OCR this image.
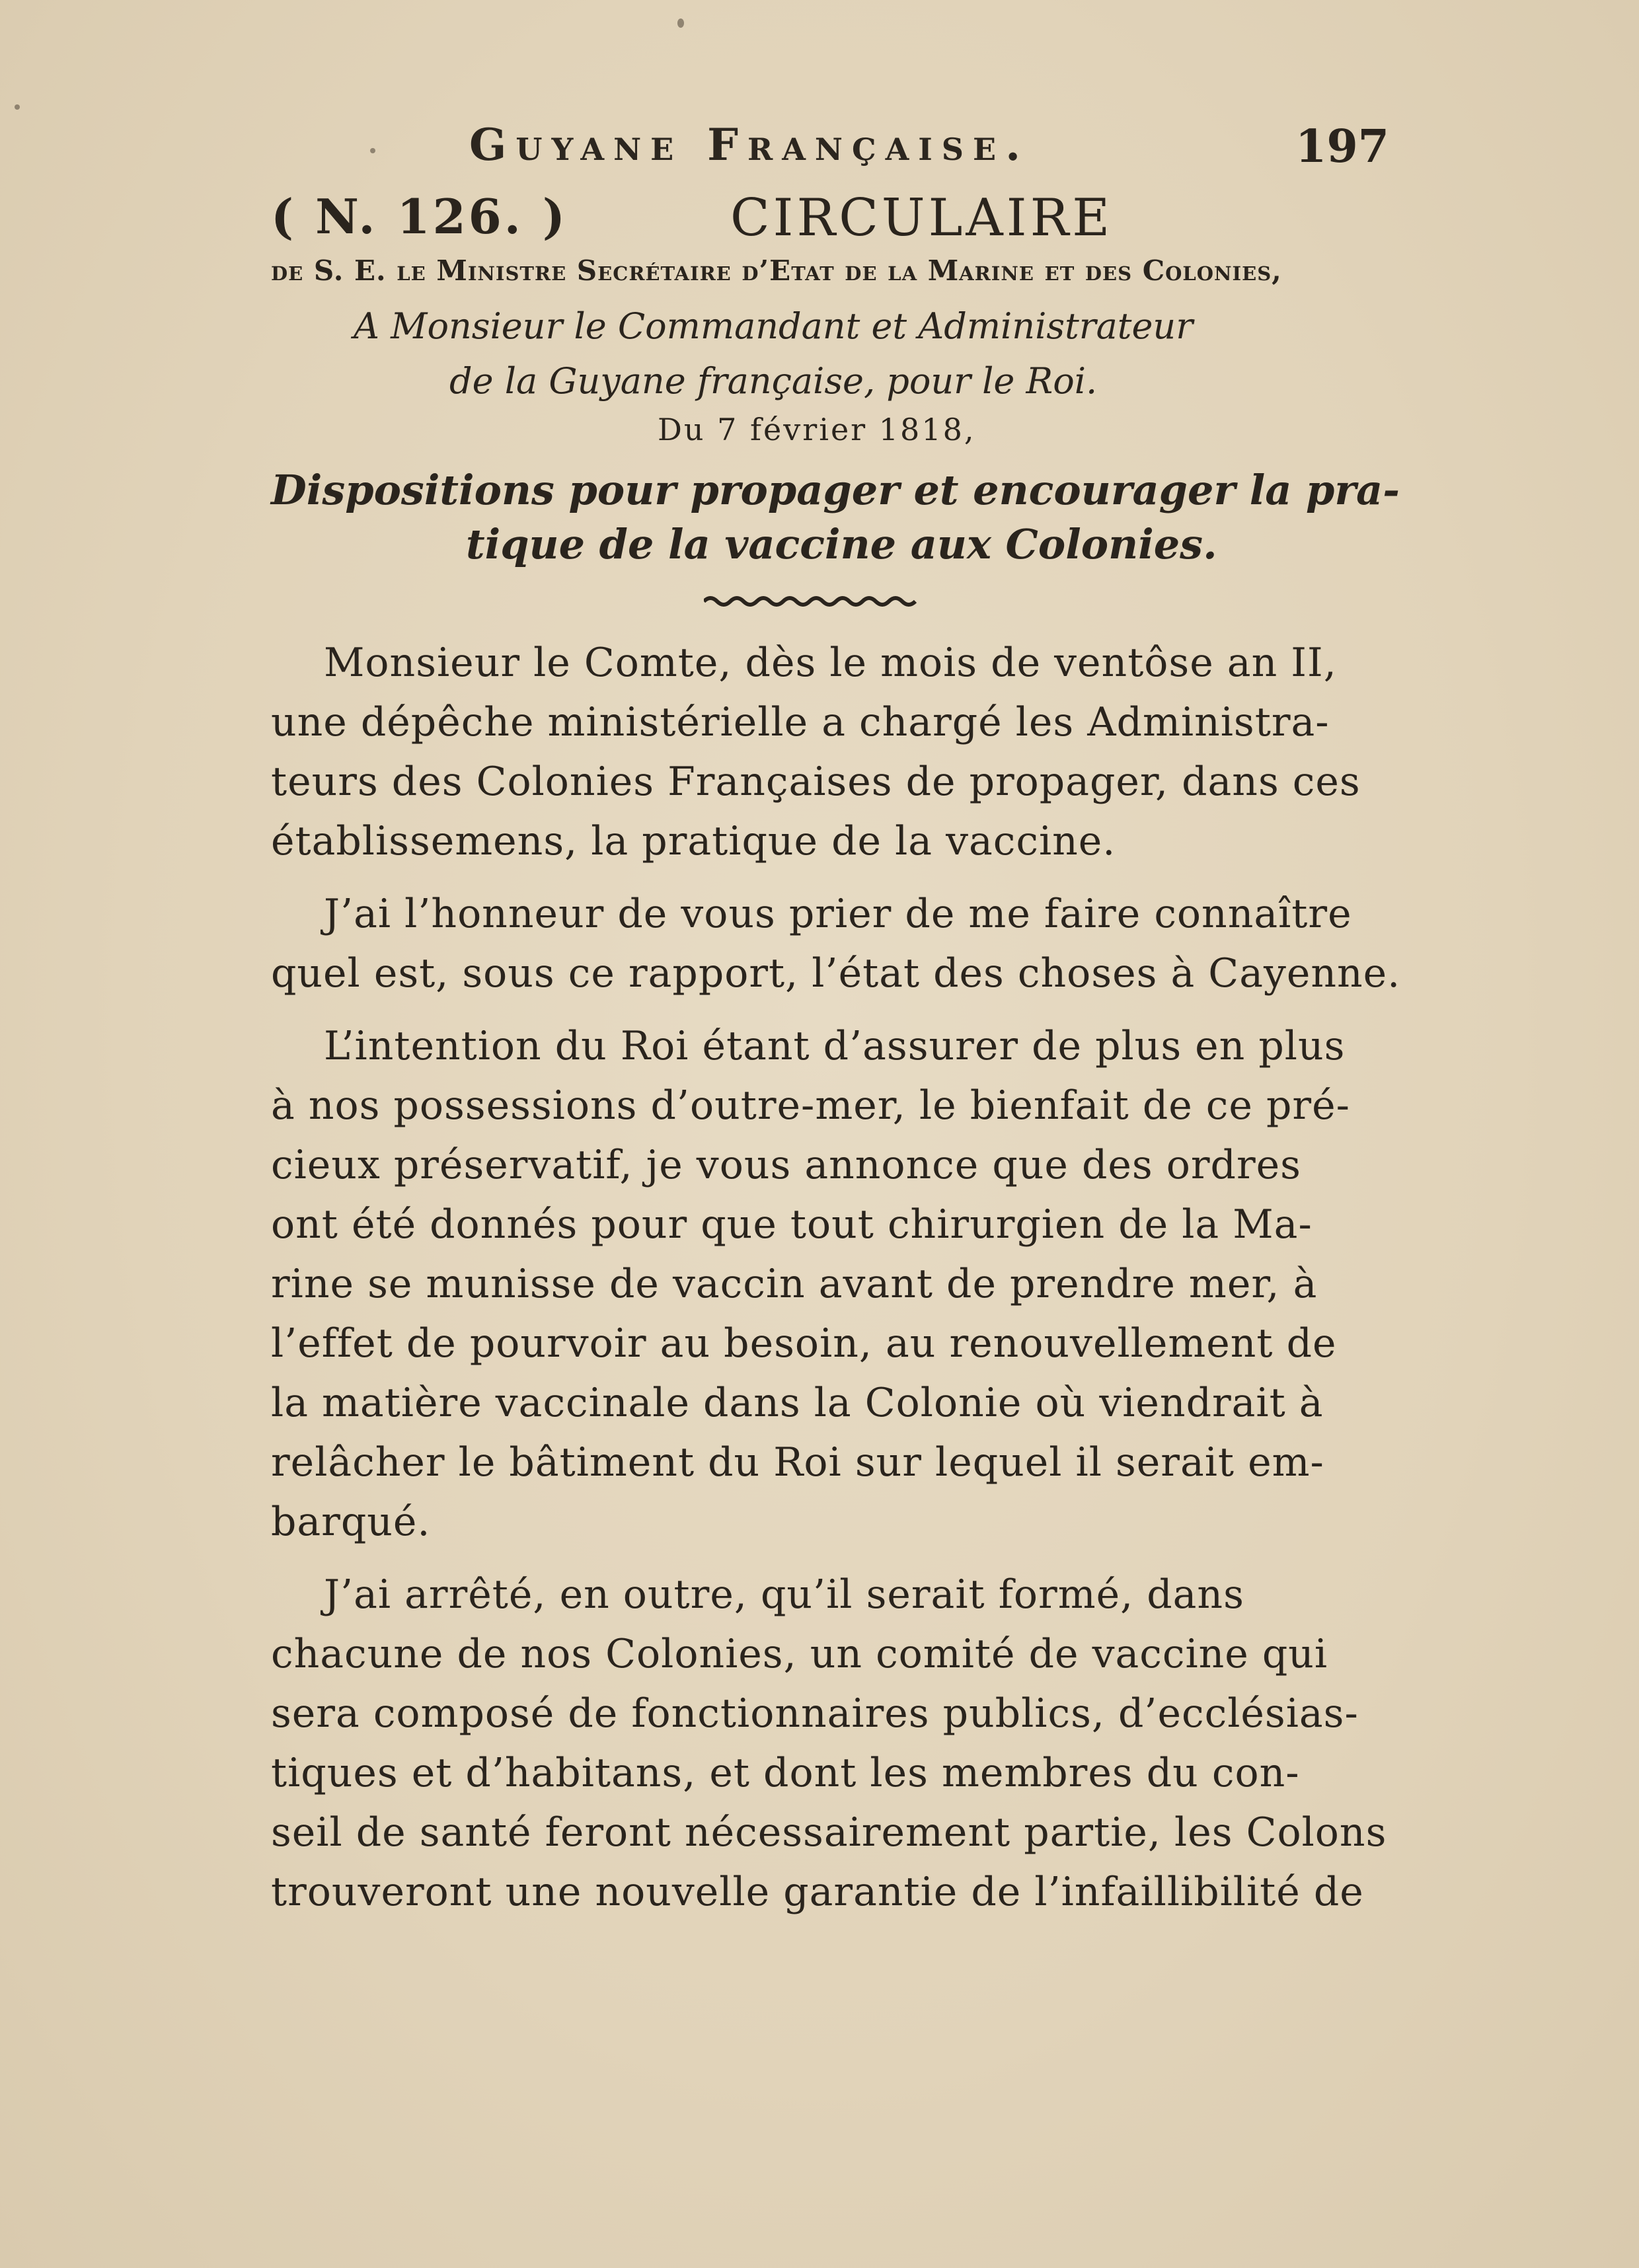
Guyane Française.	197
( N. 126. )	CIRCULAIRE
de S. E. le Ministre Secrétaire d’Etat de la Marine et des Colonies,
A Monsieur le Commandant et Administrateur
de la Guyane française, pour le Roi.
Du 7 février 1818,
Dispositions pour propager et encourager la pra-
tique de la vaccine aux Colonies.
Monsieur le Comte, dès le mois de ventôse an II,
une dépêche ministérielle a chargé les Administra-
teurs des Colonies Françaises de propager, dans ces
établissemens, la pratique de la vaccine.
J’ai l’honneur de vous prier de me faire connaître
quel est, sous ce rapport, l’état des choses à Cayenne.
L’intention du Roi étant d’assurer de plus en plus
à nos possessions d’outre-mer, le bienfait de ce pré-
cieux préservatif, je vous annonce que des ordres
ont été donnés pour que tout chirurgien de la Ma-
rine se munisse de vaccin avant de prendre mer, à
l’effet de pourvoir au besoin, au renouvellement de
la matière vaccinale dans la Colonie où viendrait à
relâcher le bâtiment du Roi sur lequel il serait em-
barqué.
J’ai arrêté, en outre, qu’il serait formé, dans
chacune de nos Colonies, un comité de vaccine qui
sera composé de fonctionnaires publics, d’ecclésias-
tiques et d’habitans, et dont les membres du con-
seil de santé feront nécessairement partie, les Colons
trouveront une nouvelle garantie de l’infaillibilité de
